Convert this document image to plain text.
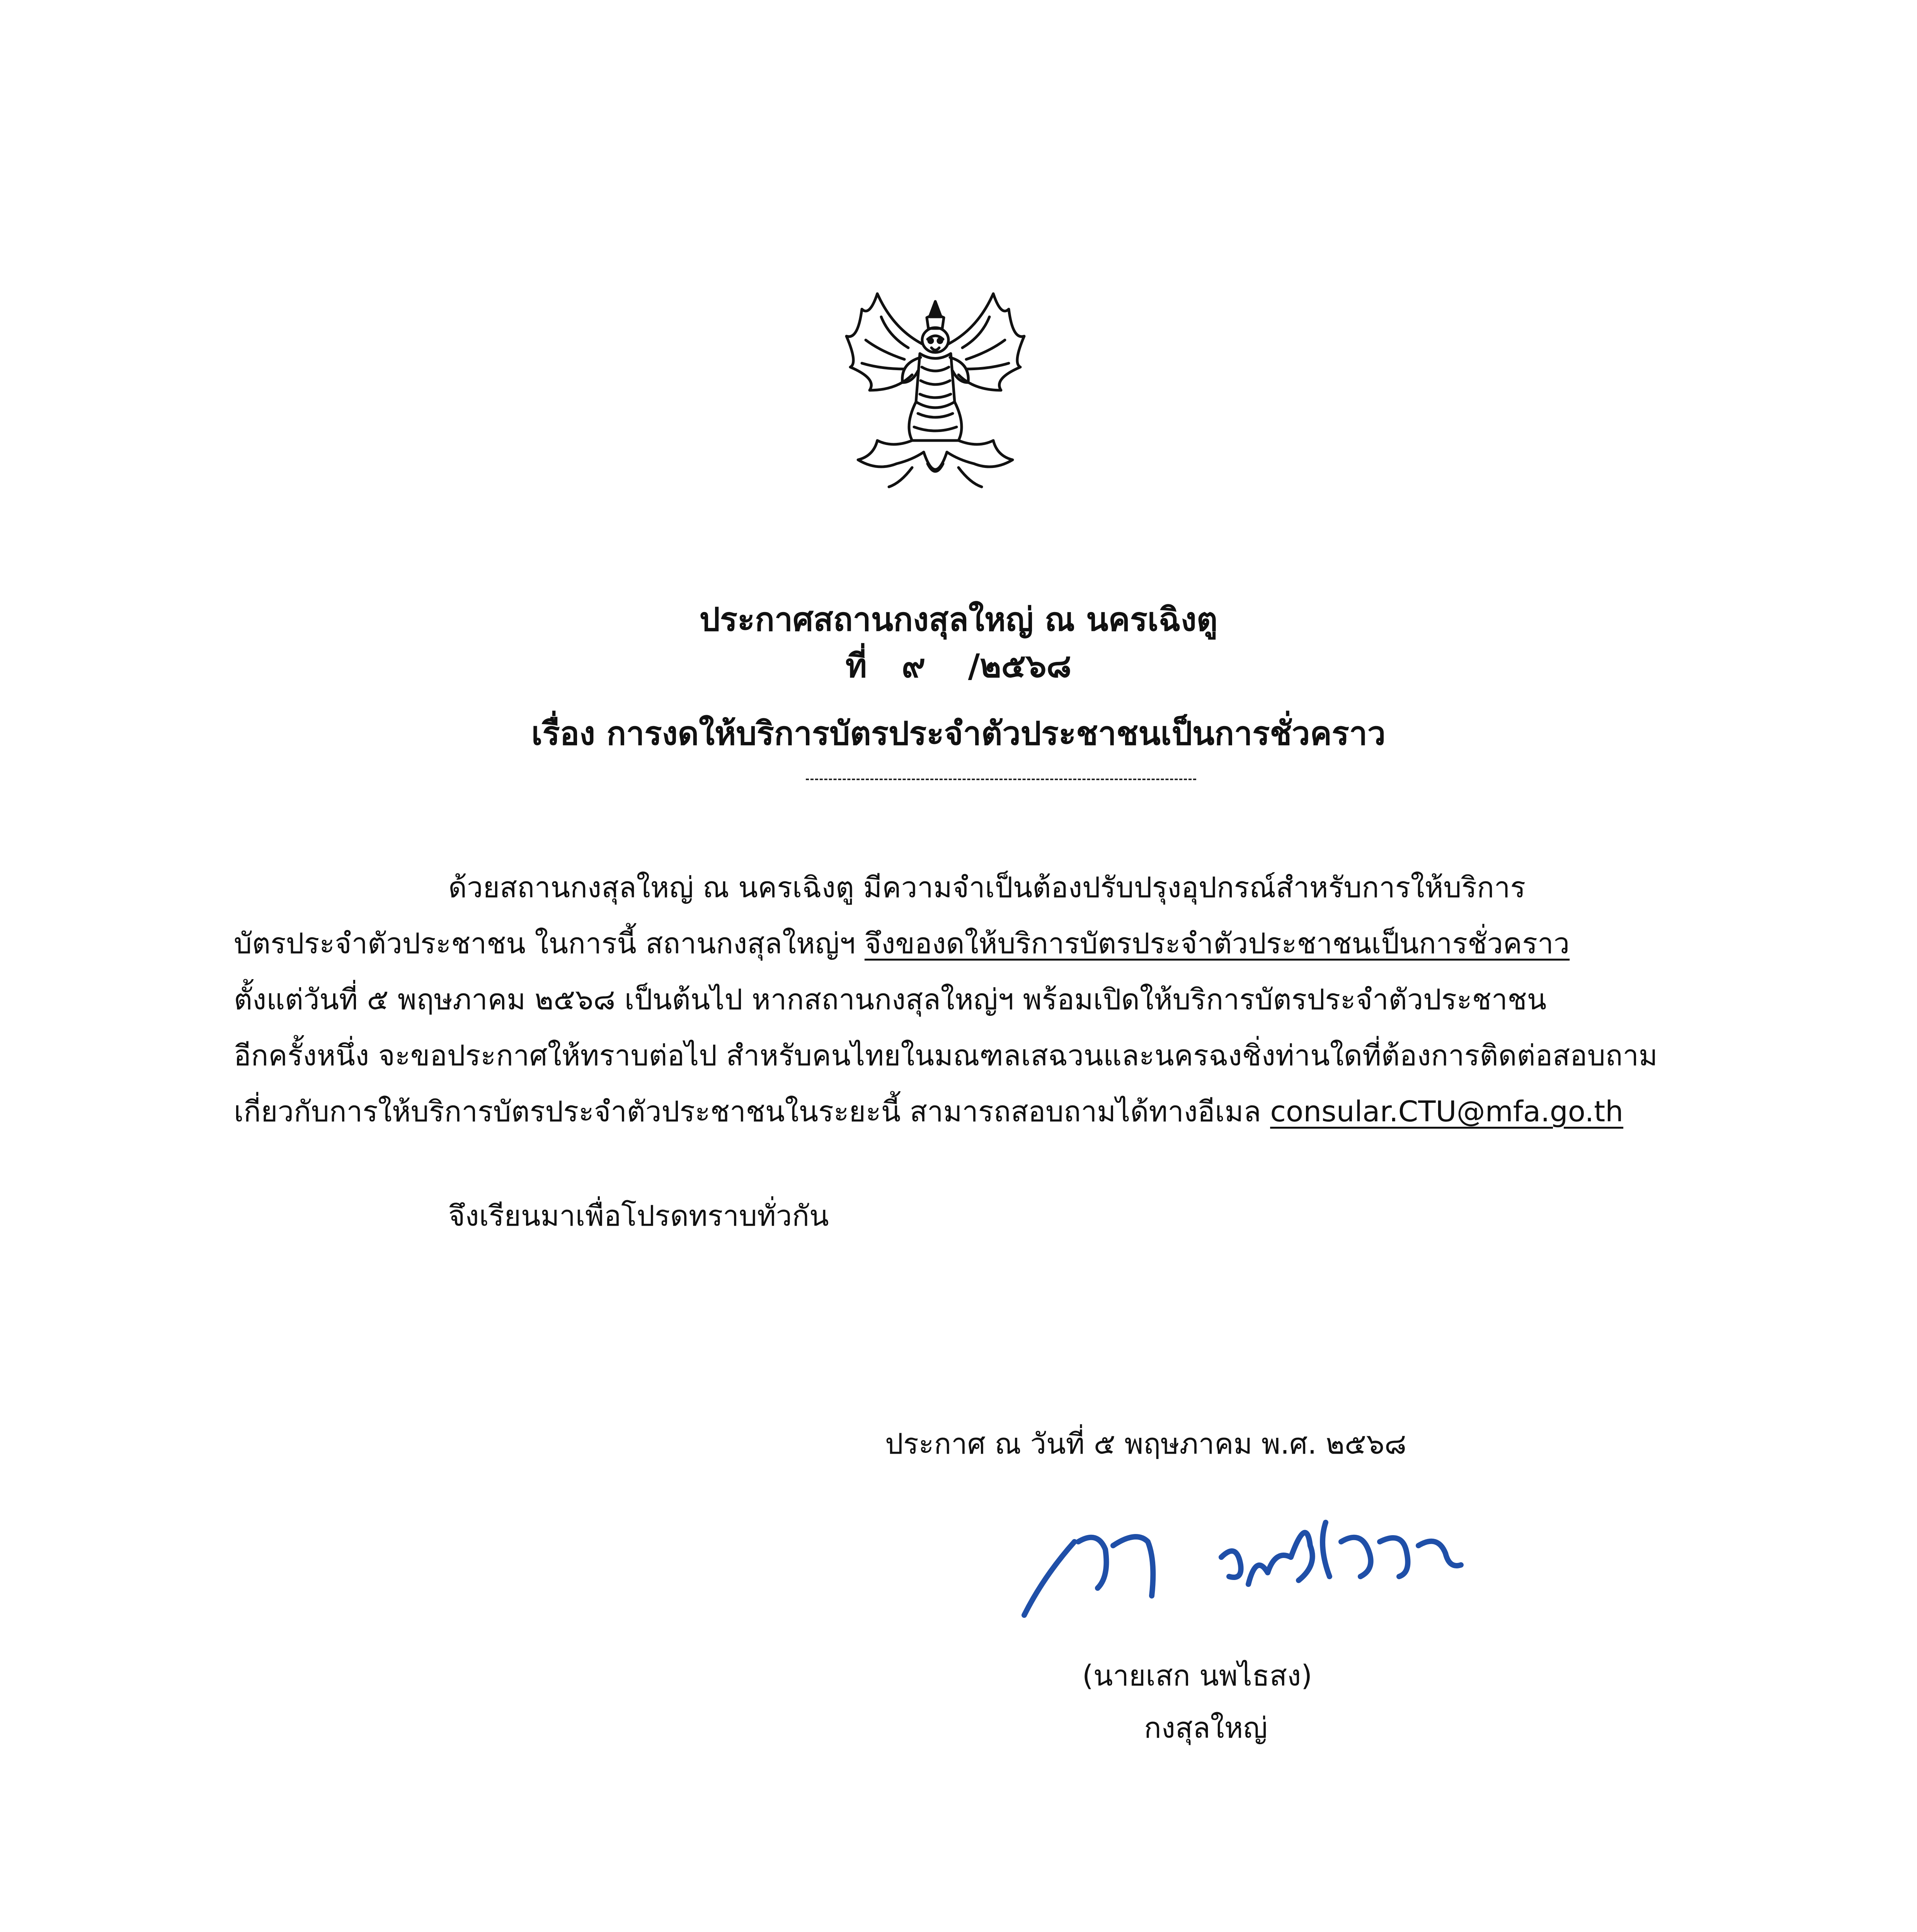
ประกาศสถานกงสุลใหญ่ ณ นครเฉิงตู
ที่ ๙ /๒๕๖๘
เรื่อง การงดให้บริการบัตรประจำตัวประชาชนเป็นการชั่วคราว
ด้วยสถานกงสุลใหญ่ ณ นครเฉิงตู มีความจำเป็นต้องปรับปรุงอุปกรณ์สำหรับการให้บริการ
บัตรประจำตัวประชาชน ในการนี้ สถานกงสุลใหญ่ฯ จึงของดให้บริการบัตรประจำตัวประชาชนเป็นการชั่วคราว
ตั้งแต่วันที่ ๕ พฤษภาคม ๒๕๖๘ เป็นต้นไป หากสถานกงสุลใหญ่ฯ พร้อมเปิดให้บริการบัตรประจำตัวประชาชน
อีกครั้งหนึ่ง จะขอประกาศให้ทราบต่อไป สำหรับคนไทยในมณฑลเสฉวนและนครฉงชิ่งท่านใดที่ต้องการติดต่อสอบถาม
เกี่ยวกับการให้บริการบัตรประจำตัวประชาชนในระยะนี้ สามารถสอบถามได้ทางอีเมล consular.CTU@mfa.go.th
จึงเรียนมาเพื่อโปรดทราบทั่วกัน
ประกาศ ณ วันที่ ๕ พฤษภาคม พ.ศ. ๒๕๖๘
(นายเสก นพไธสง)
กงสุลใหญ่
